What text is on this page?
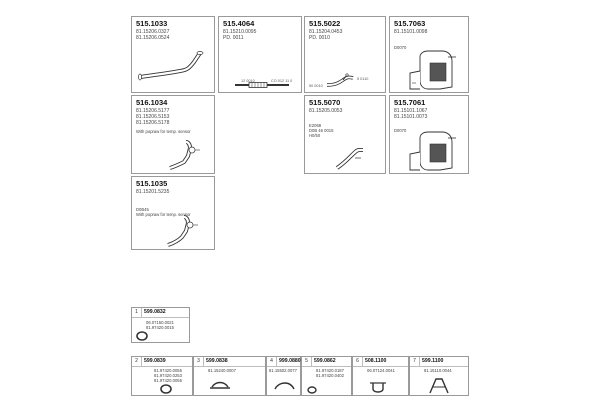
515.1033
81.15206.0327
81.15206.0524
515.4064
81.15210.0095
PD. 0011
12 0010	CO 012 11 0
515.5022
81.15204.0453
PD. 0010
50 0010
5 0110
515.7063
81.15101.0098
D0070
516.1034
81.15206.5177
81.15206.5153
81.15206.5178
With popraw for temp. sensor
515.5070
81.15205.0053
E2068
D0B 46 0015
H0/50
515.7061
81.15101.1067
81.15101.0073
D0070
515.1035
81.15201.5235
D0B45
With popraw for temp. sensor
1	599.0832
06.07150.0021
81.97420.0015
2	599.0839
81.97420.0055
81.97420.0253
81.97420.0055
3	599.0838
81.15240.0007
4	999.0880
81.15502.0077
5	599.0862
81.97420.0187
81.97420.0402
6	508.1100
06.07124.0041
7	599.1100
81.15110.0044
